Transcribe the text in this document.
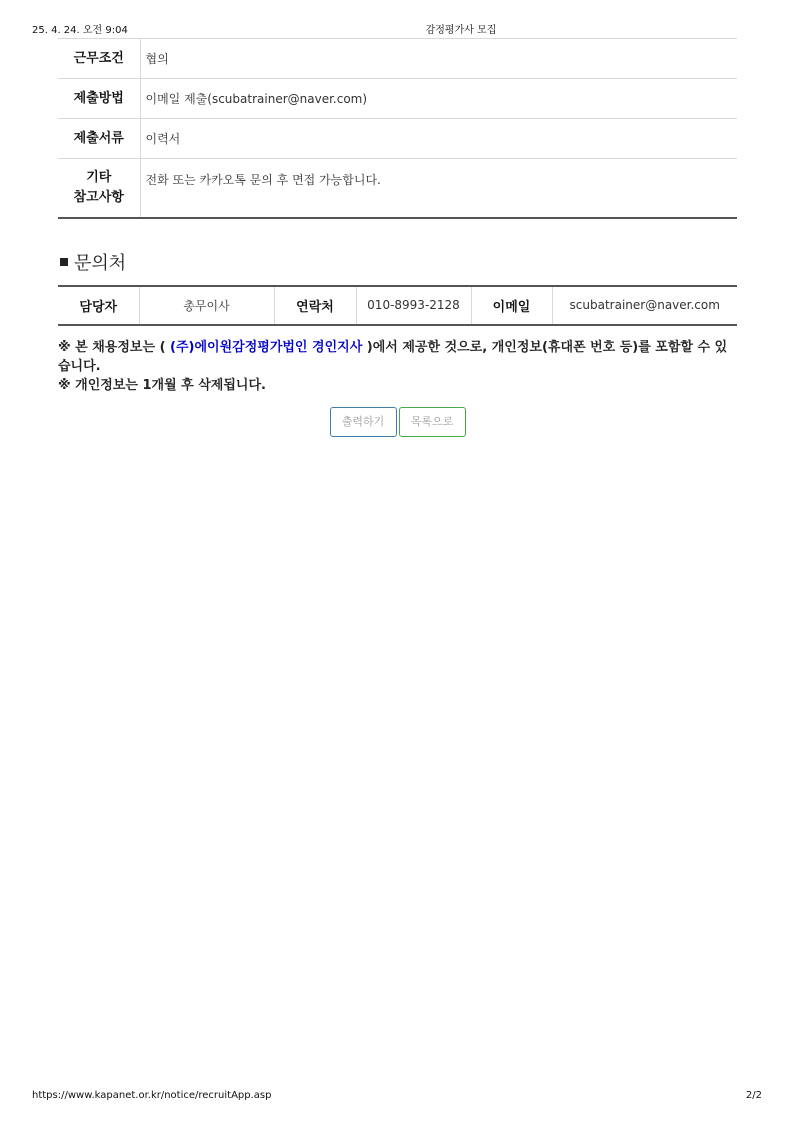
25. 4. 24. 오전 9:04	감정평가사 모집
근무조건	협의
제출방법	이메일 제출(scubatrainer@naver.com)
제출서류	이력서

기타
참고사항	전화 또는 카카오톡 문의 후 면접 가능합니다.
문의처
담당자	총무이사	연락처	010-8993-2128	이메일	scubatrainer@naver.com
※ 본 채용정보는 ( (주)에이원감정평가법인 경인지사 )에서 제공한 것으로, 개인정보(휴대폰 번호 등)를 포함할 수 있습니다.
※ 개인정보는 1개월 후 삭제됩니다.
출력하기 목록으로
https://www.kapanet.or.kr/notice/recruitApp.asp	2/2
